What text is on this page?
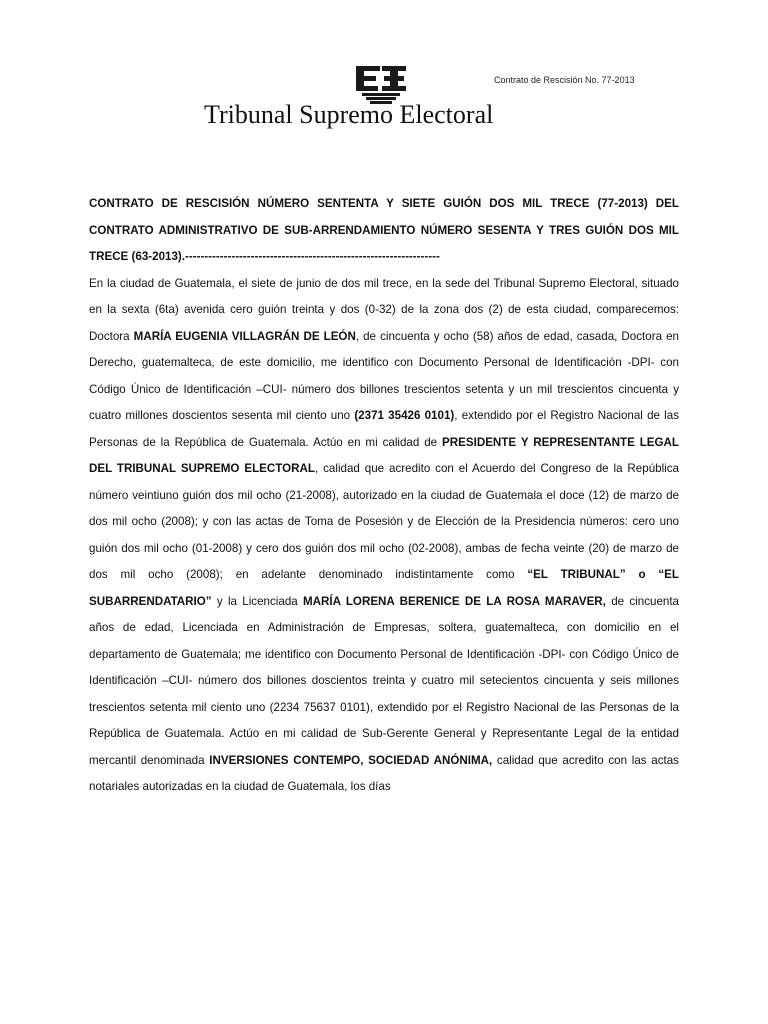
Contrato de Rescisión No. 77-2013
Tribunal Supremo Electoral

CONTRATO DE RESCISIÓN NÚMERO SENTENTA Y SIETE GUIÓN DOS MIL TRECE (77-2013) DEL CONTRATO ADMINISTRATIVO DE SUB-ARRENDAMIENTO NÚMERO SESENTA Y TRES GUIÓN DOS MIL TRECE (63-2013).------------------------------------------------------------------

En la ciudad de Guatemala, el siete de junio de dos mil trece, en la sede del Tribunal Supremo Electoral, situado en la sexta (6ta) avenida cero guión treinta y dos (0-32) de la zona dos (2) de esta ciudad, comparecemos: Doctora MARÍA EUGENIA VILLAGRÁN DE LEÓN, de cincuenta y ocho (58) años de edad, casada, Doctora en Derecho, guatemalteca, de este domicilio, me identifico con Documento Personal de Identificación -DPI- con Código Único de Identificación –CUI- número dos billones trescientos setenta y un mil trescientos cincuenta y cuatro millones doscientos sesenta mil ciento uno (2371 35426 0101), extendido por el Registro Nacional de las Personas de la República de Guatemala. Actúo en mi calidad de PRESIDENTE Y REPRESENTANTE LEGAL DEL TRIBUNAL SUPREMO ELECTORAL, calidad que acredito con el Acuerdo del Congreso de la República número veintiuno guión dos mil ocho (21-2008), autorizado en la ciudad de Guatemala el doce (12) de marzo de dos mil ocho (2008); y con las actas de Toma de Posesión y de Elección de la Presidencia números: cero uno guión dos mil ocho (01-2008) y cero dos guión dos mil ocho (02-2008), ambas de fecha veinte (20) de marzo de dos mil ocho (2008); en adelante denominado indistintamente como “EL TRIBUNAL” o “EL SUBARRENDATARIO” y la Licenciada MARÍA LORENA BERENICE DE LA ROSA MARAVER, de cincuenta años de edad, Licenciada en Administración de Empresas, soltera, guatemalteca, con domicilio en el departamento de Guatemala; me identifico con Documento Personal de Identificación -DPI- con Código Único de Identificación –CUI- número dos billones doscientos treinta y cuatro mil setecientos cincuenta y seis millones trescientos setenta mil ciento uno (2234 75637 0101), extendido por el Registro Nacional de las Personas de la República de Guatemala. Actúo en mi calidad de Sub-Gerente General y Representante Legal de la entidad mercantil denominada INVERSIONES CONTEMPO, SOCIEDAD ANÓNIMA, calidad que acredito con las actas notariales autorizadas en la ciudad de Guatemala, los días
